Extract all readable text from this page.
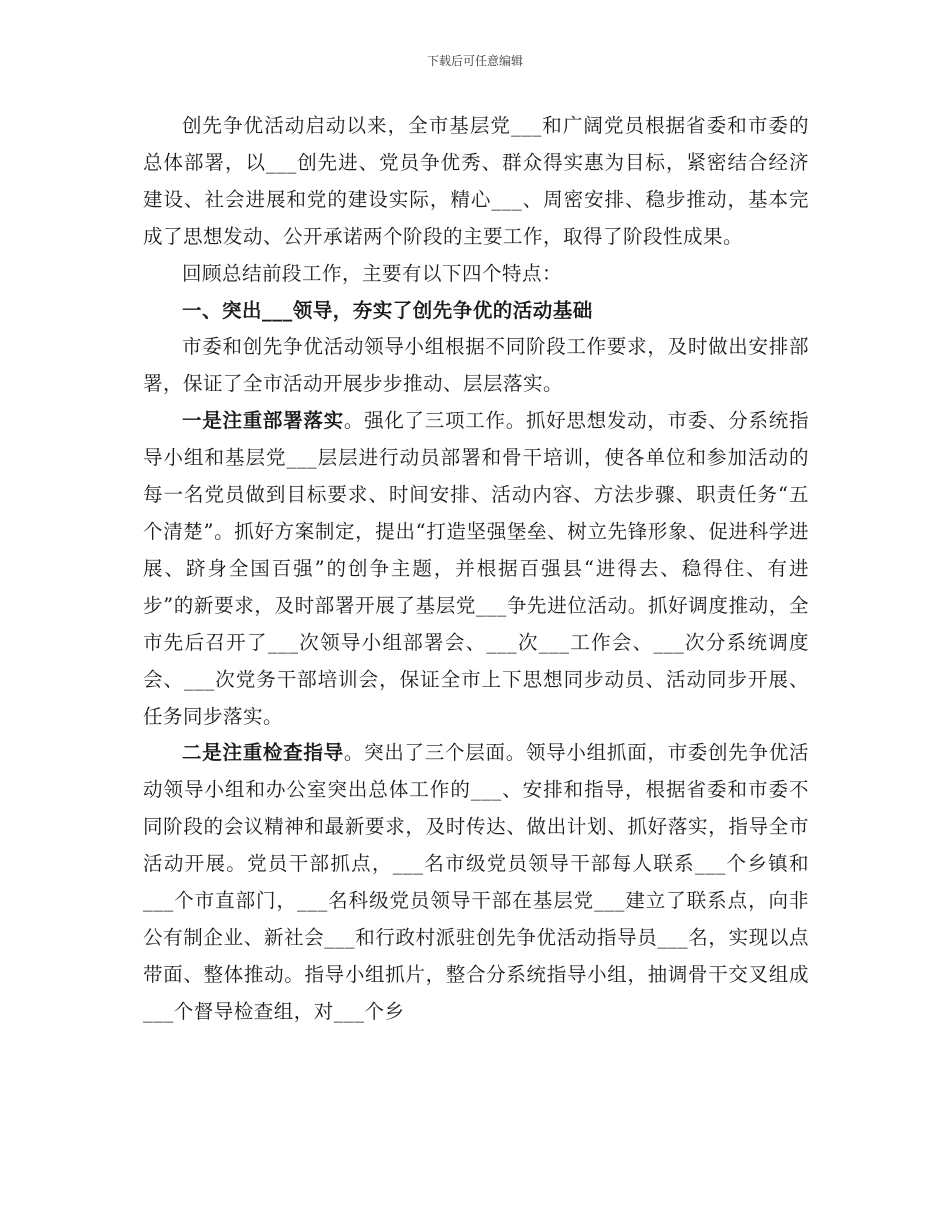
下载后可任意编辑

创先争优活动启动以来，全市基层党___和广阔党员根据省委和市委的总体部署，以___创先进、党员争优秀、群众得实惠为目标，紧密结合经济建设、社会进展和党的建设实际，精心___、周密安排、稳步推动，基本完成了思想发动、公开承诺两个阶段的主要工作，取得了阶段性成果。

回顾总结前段工作，主要有以下四个特点：

一、突出___领导，夯实了创先争优的活动基础

市委和创先争优活动领导小组根据不同阶段工作要求，及时做出安排部署，保证了全市活动开展步步推动、层层落实。

一是注重部署落实。强化了三项工作。抓好思想发动，市委、分系统指导小组和基层党___层层进行动员部署和骨干培训，使各单位和参加活动的每一名党员做到目标要求、时间安排、活动内容、方法步骤、职责任务“五个清楚”。抓好方案制定，提出“打造坚强堡垒、树立先锋形象、促进科学进展、跻身全国百强”的创争主题，并根据百强县“进得去、稳得住、有进步”的新要求，及时部署开展了基层党___争先进位活动。抓好调度推动，全市先后召开了___次领导小组部署会、___次___工作会、___次分系统调度会、___次党务干部培训会，保证全市上下思想同步动员、活动同步开展、任务同步落实。

二是注重检查指导。突出了三个层面。领导小组抓面，市委创先争优活动领导小组和办公室突出总体工作的___、安排和指导，根据省委和市委不同阶段的会议精神和最新要求，及时传达、做出计划、抓好落实，指导全市活动开展。党员干部抓点，___名市级党员领导干部每人联系___个乡镇和___个市直部门，___名科级党员领导干部在基层党___建立了联系点，向非公有制企业、新社会___和行政村派驻创先争优活动指导员___名，实现以点带面、整体推动。指导小组抓片，整合分系统指导小组，抽调骨干交叉组成___个督导检查组，对___个乡
